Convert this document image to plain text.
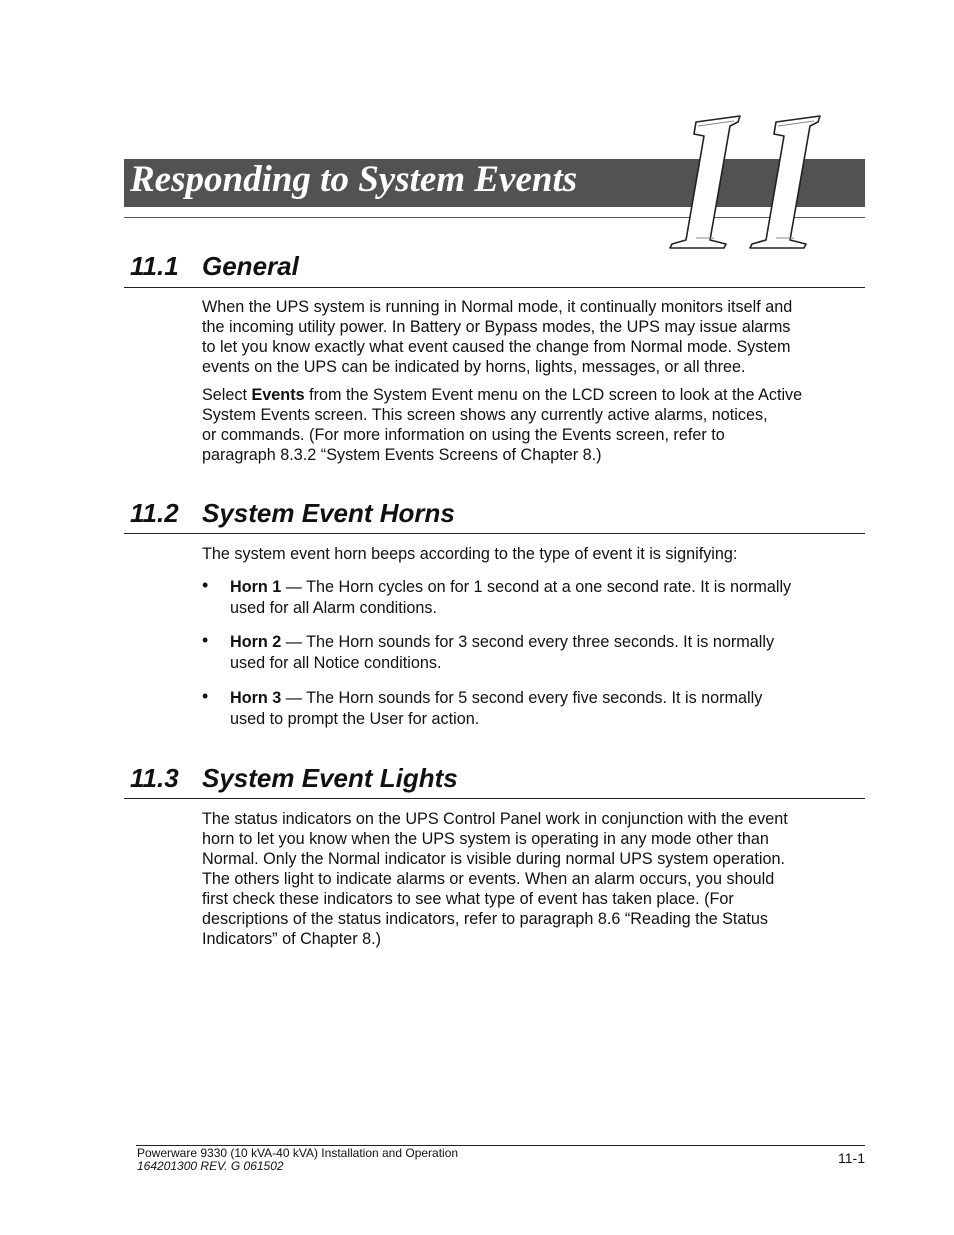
Responding to System Events
11
11.1 General
When the UPS system is running in Normal mode, it continually monitors itself and
the incoming utility power. In Battery or Bypass modes, the UPS may issue alarms
to let you know exactly what event caused the change from Normal mode. System
events on the UPS can be indicated by horns, lights, messages, or all three.
Select Events from the System Event menu on the LCD screen to look at the Active
System Events screen. This screen shows any currently active alarms, notices,
or commands. (For more information on using the Events screen, refer to
paragraph 8.3.2 “System Events Screens of Chapter 8.)
11.2 System Event Horns
The system event horn beeps according to the type of event it is signifying:
• Horn 1 — The Horn cycles on for 1 second at a one second rate. It is normally
used for all Alarm conditions.
• Horn 2 — The Horn sounds for 3 second every three seconds. It is normally
used for all Notice conditions.
• Horn 3 — The Horn sounds for 5 second every five seconds. It is normally
used to prompt the User for action.
11.3 System Event Lights
The status indicators on the UPS Control Panel work in conjunction with the event
horn to let you know when the UPS system is operating in any mode other than
Normal. Only the Normal indicator is visible during normal UPS system operation.
The others light to indicate alarms or events. When an alarm occurs, you should
first check these indicators to see what type of event has taken place. (For
descriptions of the status indicators, refer to paragraph 8.6 “Reading the Status
Indicators” of Chapter 8.)
Powerware 9330 (10 kVA-40 kVA) Installation and Operation
164201300 REV. G 061502	11-1
